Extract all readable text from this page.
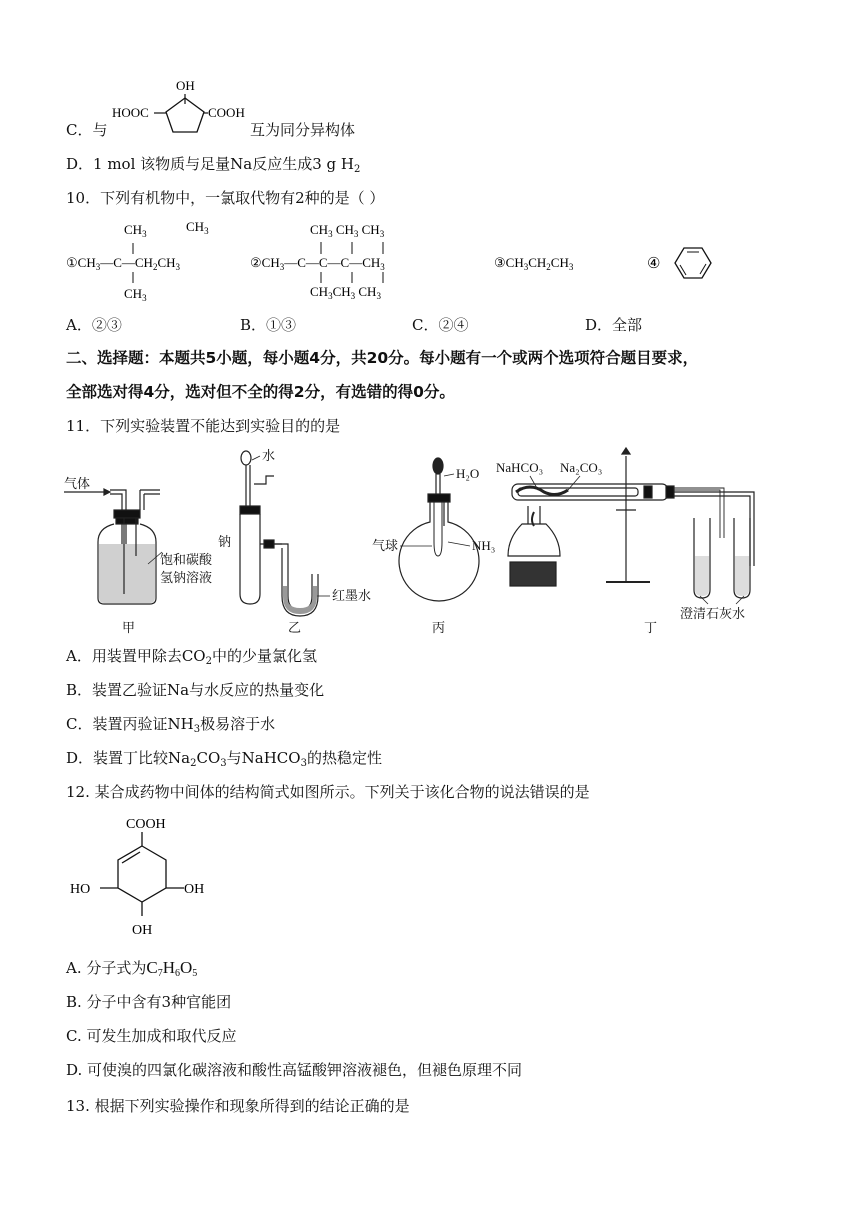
C．与
OH
HOOC	COOH
互为同分异构体
D．1 mol 该物质与足量Na反应生成3 g $H_2$
10．下列有机物中，一氯取代物有2种的是（ ）
$CH_3$
$①CH_3—C—CH_2CH_3$
$CH_3$
$CH_3$	$CH_3$ $CH_3$ $CH_3$
$②CH_3—C—C—C—CH_3$
$CH_3CH_3$ $CH_3$
$③CH_3CH_2CH_3$	④
A．②③	B．①③	C．②④	D．全部
二、选择题：本题共5小题，每小题4分，共20分。每小题有一个或两个选项符合题目要求，
全部选对得4分，选对但不全的得2分，有选错的得0分。
11．下列实验装置不能达到实验目的的是
气体
饱和碳酸
氢钠溶液
甲
水
钠
红墨水
乙
H₂O
气球	NH₃
丙
NaHCO₃ Na₂CO₃
澄清石灰水
丁
A．用装置甲除去$CO_2$中的少量氯化氢
B．装置乙验证Na与水反应的热量变化
C．装置丙验证$NH_3$极易溶于水
D．装置丁比较$Na_2CO_3$与NaHCO$_3$的热稳定性
12. 某合成药物中间体的结构简式如图所示。下列关于该化合物的说法错误的是
COOH
HO	OH
OH
A. 分子式为$C_7H_6O_5$
B. 分子中含有3种官能团
C. 可发生加成和取代反应
D. 可使溴的四氯化碳溶液和酸性高锰酸钾溶液褪色，但褪色原理不同
13. 根据下列实验操作和现象所得到的结论正确的是
